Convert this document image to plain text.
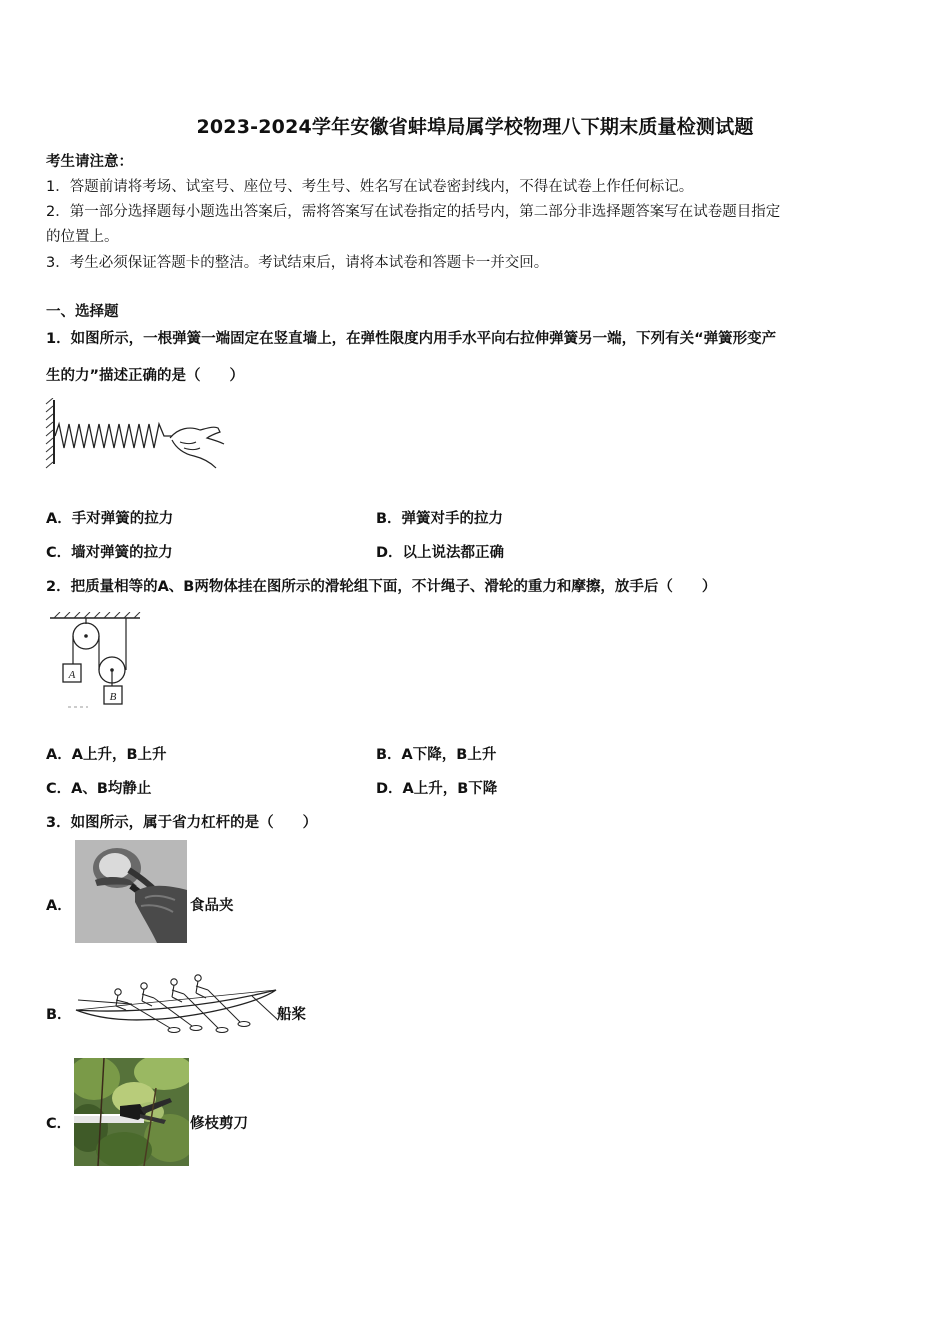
2023-2024学年安徽省蚌埠局属学校物理八下期末质量检测试题
考生请注意：
1．答题前请将考场、试室号、座位号、考生号、姓名写在试卷密封线内，不得在试卷上作任何标记。
2．第一部分选择题每小题选出答案后，需将答案写在试卷指定的括号内，第二部分非选择题答案写在试卷题目指定
的位置上。
3．考生必须保证答题卡的整洁。考试结束后，请将本试卷和答题卡一并交回。
一、选择题
1．如图所示，一根弹簧一端固定在竖直墙上，在弹性限度内用手水平向右拉伸弹簧另一端，下列有关“弹簧形变产
生的力”描述正确的是（　　）
A．手对弹簧的拉力	B．弹簧对手的拉力
C．墙对弹簧的拉力	D．以上说法都正确
2．把质量相等的A、B两物体挂在图所示的滑轮组下面，不计绳子、滑轮的重力和摩擦，放手后（　　）
A
B
A．A上升，B上升	B．A下降，B上升
C．A、B均静止	D．A上升，B下降
3．如图所示，属于省力杠杆的是（　　）
A．	食品夹
B．	船桨
C．	修枝剪刀
